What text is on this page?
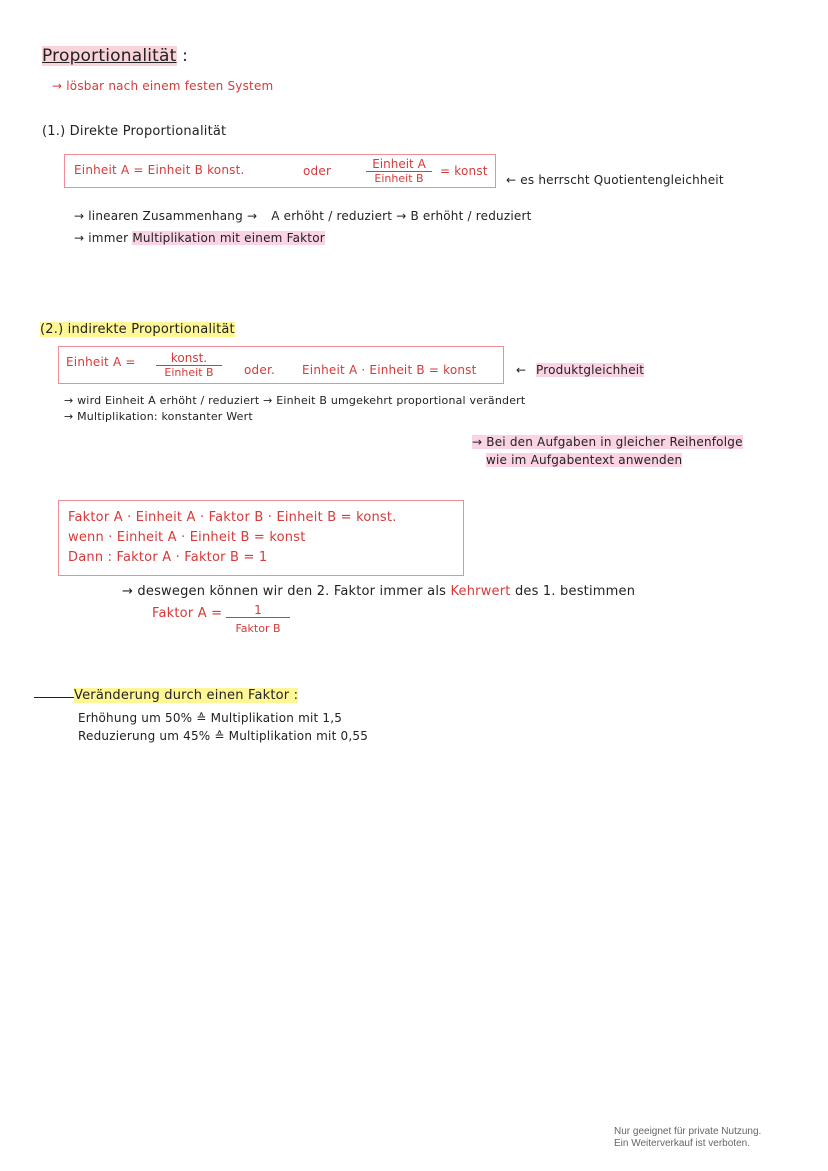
Proportionalität :
→ lösbar nach einem festen System
(1.) Direkte Proportionalität
Einheit A = Einheit B konst.	oder	Einheit A
Einheit B
= konst
← es herrscht Quotientengleichheit
→ linearen Zusammenhang → A erhöht / reduziert → B erhöht / reduziert
→ immer Multiplikation mit einem Faktor
(2.) indirekte Proportionalität
Einheit A =	konst.
Einheit B	oder. Einheit A · Einheit B = konst	← Produktgleichheit
→ wird Einheit A erhöht / reduziert → Einheit B umgekehrt proportional verändert
→ Multiplikation: konstanter Wert
→ Bei den Aufgaben in gleicher Reihenfolge
wie im Aufgabentext anwenden
Faktor A · Einheit A · Faktor B · Einheit B = konst.
wenn · Einheit A · Einheit B = konst
Dann : Faktor A · Faktor B = 1
→ deswegen können wir den 2. Faktor immer als Kehrwert des 1. bestimmen
Faktor A =	1
Faktor B
Veränderung durch einen Faktor :
Erhöhung um 50% ≙ Multiplikation mit 1,5
Reduzierung um 45% ≙ Multiplikation mit 0,55
Nur geeignet für private Nutzung.
Ein Weiterverkauf ist verboten.
